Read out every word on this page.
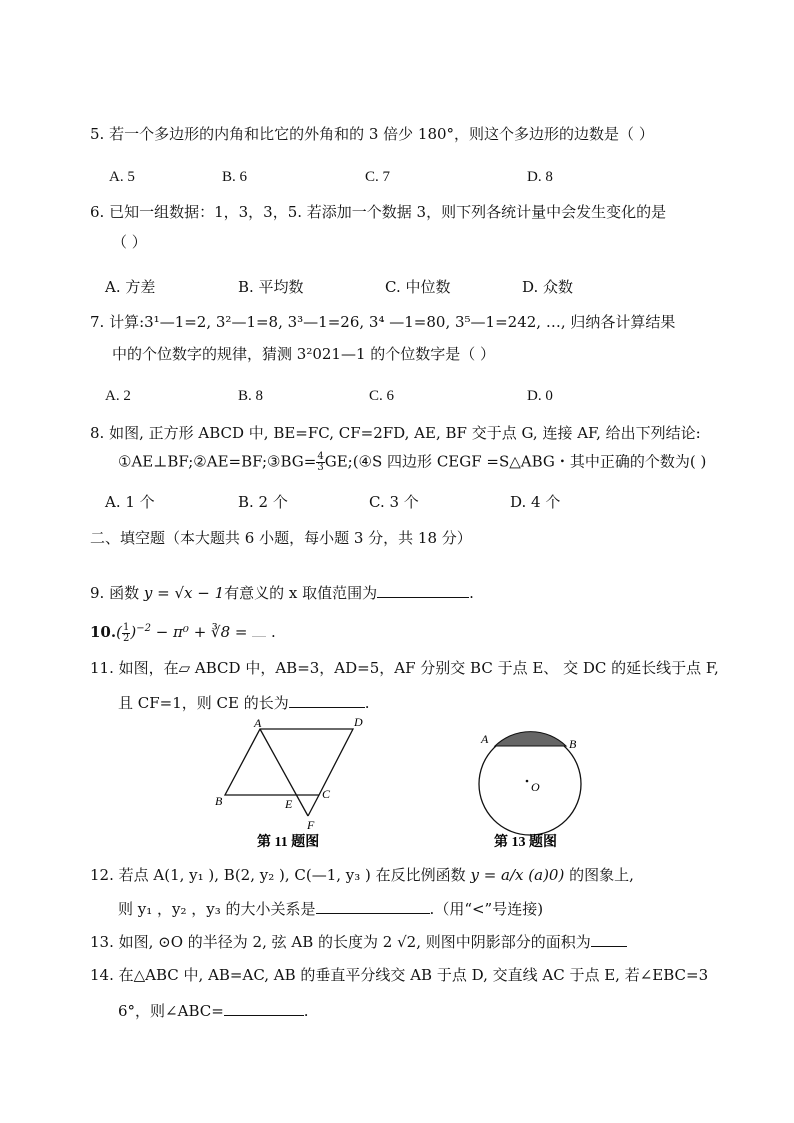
5. 若一个多边形的内角和比它的外角和的 3 倍少 180°，则这个多边形的边数是（ ）
A. 5	B. 6	C. 7	D. 8
6. 已知一组数据：1，3，3，5. 若添加一个数据 3，则下列各统计量中会发生变化的是
（ ）
A. 方差	B. 平均数	C. 中位数	D. 众数
7. 计算:3¹—1=2, 3²—1=8, 3³—1=26, 3⁴ —1=80, 3⁵—1=242, …, 归纳各计算结果
中的个位数字的规律，猜测 3²021—1 的个位数字是（ ）
A. 2	B. 8	C. 6	D. 0
8. 如图, 正方形 ABCD 中, BE=FC, CF=2FD, AE, BF 交于点 G, 连接 AF, 给出下列结论:
①AE⊥BF;②AE=BF;③BG= $\frac{4}{3}$ GE;(④S 四边形 CEGF =S△ABG・其中正确的个数为( )
A. 1 个	B. 2 个	C. 3 个	D. 4 个
二、填空题（本大题共 6 小题，每小题 3 分，共 18 分）
9. 函数 y = √x − 1有意义的 x 取值范围为	.
$10.( \frac{1}{2} )^{-2} - \pi^0$ + ∛8 =  .
11. 如图，在▱ ABCD 中，AB=3，AD=5，AF 分别交 BC 于点 E、 交 DC 的延长线于点 F,
且 CF=1，则 CE 的长为	.
A	D
B	E
C
F
第 11 题图
A	B
O
第 13 题图
12. 若点 A(1, y₁ ), B(2, y₂ ), C(—1, y₃ ) 在反比例函数 y = a/x (a)0) 的图象上,
则 y₁ ，y₂ ，y₃ 的大小关系是	.（用“<”号连接)
13. 如图, ⊙O 的半径为 2, 弦 AB 的长度为 2 √2, 则图中阴影部分的面积为
14. 在△ABC 中, AB=AC, AB 的垂直平分线交 AB 于点 D, 交直线 AC 于点 E, 若∠EBC=3
6°，则∠ABC=	.
